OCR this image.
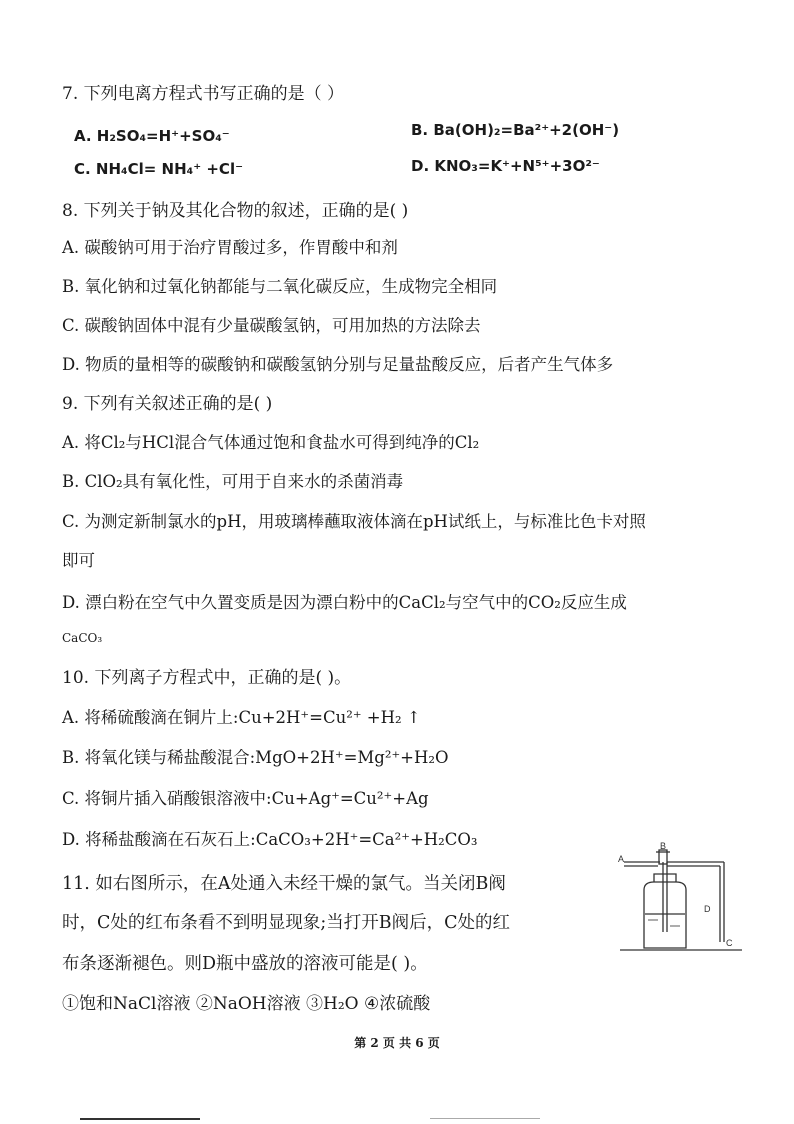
7. 下列电离方程式书写正确的是（ ）
A. H₂SO₄=H⁺+SO₄⁻	B. Ba(OH)₂=Ba²⁺+2(OH⁻)
C. NH₄Cl= NH₄⁺ +Cl⁻	D. KNO₃=K⁺+N⁵⁺+3O²⁻
8. 下列关于钠及其化合物的叙述，正确的是( )
A. 碳酸钠可用于治疗胃酸过多，作胃酸中和剂
B. 氧化钠和过氧化钠都能与二氧化碳反应，生成物完全相同
C. 碳酸钠固体中混有少量碳酸氢钠，可用加热的方法除去
D. 物质的量相等的碳酸钠和碳酸氢钠分别与足量盐酸反应，后者产生气体多
9. 下列有关叙述正确的是( )
A. 将Cl₂与HCl混合气体通过饱和食盐水可得到纯净的Cl₂
B. ClO₂具有氧化性，可用于自来水的杀菌消毒
C. 为测定新制氯水的pH，用玻璃棒蘸取液体滴在pH试纸上，与标准比色卡对照
即可
D. 漂白粉在空气中久置变质是因为漂白粉中的CaCl₂与空气中的CO₂反应生成
CaCO₃
10. 下列离子方程式中，正确的是( )。
A. 将稀硫酸滴在铜片上:Cu+2H⁺=Cu²⁺ +H₂ ↑
B. 将氧化镁与稀盐酸混合:MgO+2H⁺=Mg²⁺+H₂O
C. 将铜片插入硝酸银溶液中:Cu+Ag⁺=Cu²⁺+Ag
D. 将稀盐酸滴在石灰石上:CaCO₃+2H⁺=Ca²⁺+H₂CO₃
11. 如右图所示，在A处通入未经干燥的氯气。当关闭B阀
时，C处的红布条看不到明显现象;当打开B阀后，C处的红
布条逐渐褪色。则D瓶中盛放的溶液可能是( )。
①饱和NaCl溶液 ②NaOH溶液 ③H₂O ④浓硫酸
A
B
C
D
第 2 页 共 6 页
